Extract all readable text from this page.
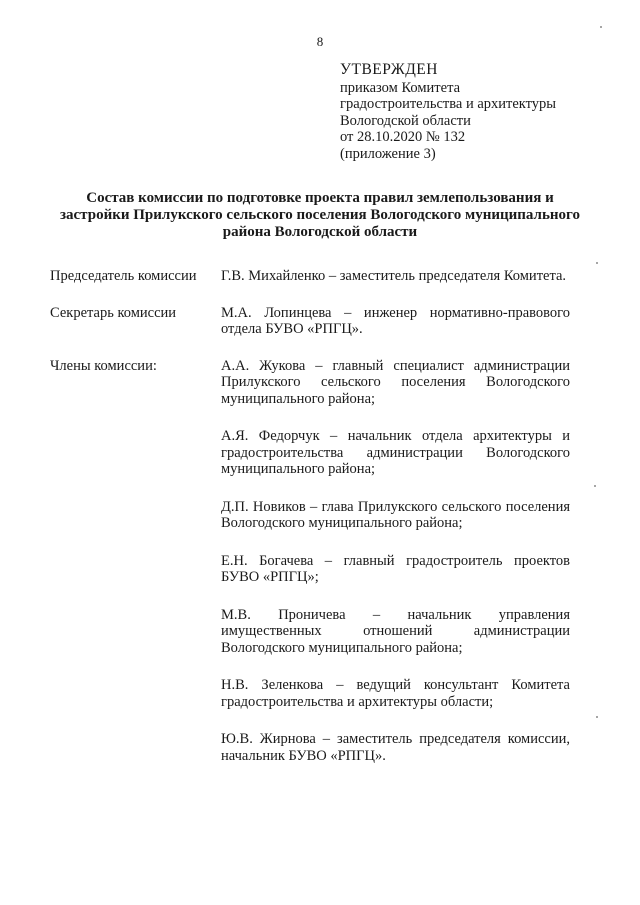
8
УТВЕРЖДЕН
приказом Комитета
градостроительства и архитектуры
Вологодской области
от 28.10.2020 № 132
(приложение 3)
Состав комиссии по подготовке проекта правил землепользования и застройки Прилукского сельского поселения Вологодского муниципального района Вологодской области
Председатель комиссии	Г.В. Михайленко – заместитель председателя Комитета.
Секретарь комиссии	М.А. Лопинцева – инженер нормативно-правового отдела БУВО «РПГЦ».
Члены комиссии:	А.А. Жукова – главный специалист администрации Прилукского сельского поселения Вологодского муниципального района;
А.Я. Федорчук – начальник отдела архитектуры и градостроительства администрации Вологодского муниципального района;
Д.П. Новиков – глава Прилукского сельского поселения Вологодского муниципального района;
Е.Н. Богачева – главный градостроитель проектов БУВО «РПГЦ»;
М.В. Проничева – начальник управления имущественных отношений администрации Вологодского муниципального района;
Н.В. Зеленкова – ведущий консультант Комитета градостроительства и архитектуры области;
Ю.В. Жирнова – заместитель председателя комиссии, начальник БУВО «РПГЦ».
